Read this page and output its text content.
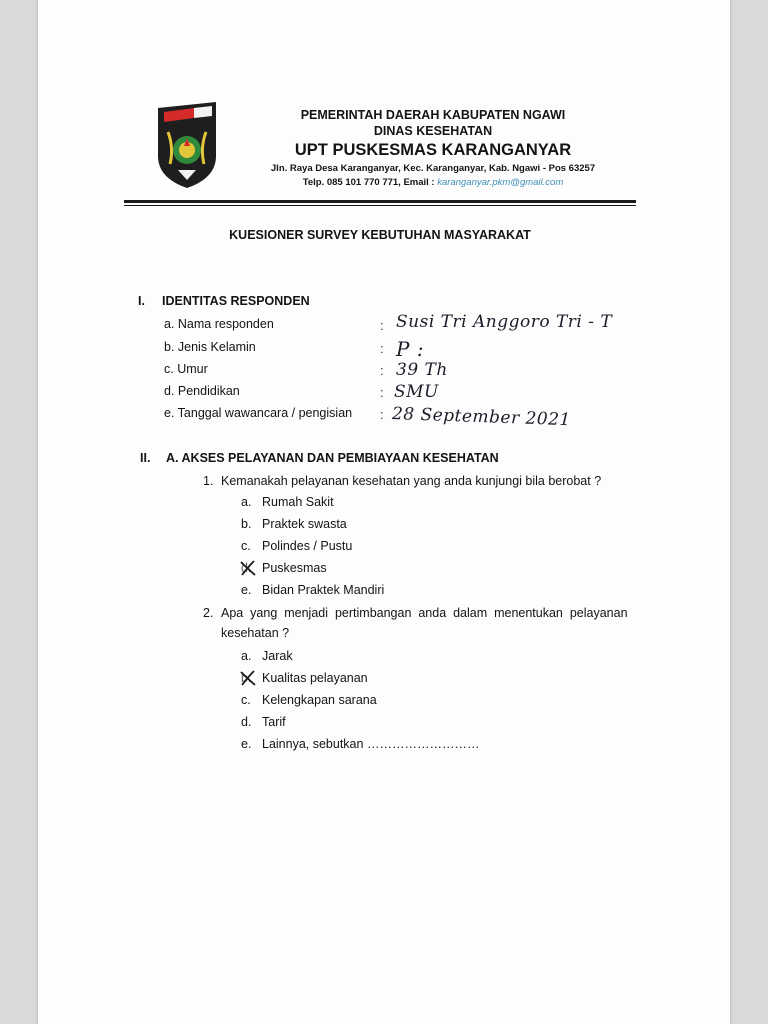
PEMERINTAH DAERAH KABUPATEN NGAWI
DINAS KESEHATAN
UPT PUSKESMAS KARANGANYAR
Jln. Raya Desa Karanganyar, Kec. Karanganyar, Kab. Ngawi - Pos 63257
Telp. 085 101 770 771, Email : karanganyar.pkm@gmail.com
KUESIONER SURVEY KEBUTUHAN MASYARAKAT
I. IDENTITAS RESPONDEN
a. Nama responden	: Susi Tri Anggoro Tri - T
b. Jenis Kelamin	: P :
c. Umur	: 39 Th
d. Pendidikan	: SMU
e. Tanggal wawancara / pengisian : 28 September 2021
II. A. AKSES PELAYANAN DAN PEMBIAYAAN KESEHATAN
1. Kemanakah pelayanan kesehatan yang anda kunjungi bila berobat ?
a. Rumah Sakit
b. Praktek swasta
c. Polindes / Pustu
d. Puskesmas
e. Bidan Praktek Mandiri
2. Apa  yang  menjadi  pertimbangan  anda  dalam  menentukan  pelayanan
kesehatan ?
a. Jarak
b. Kualitas pelayanan
c. Kelengkapan sarana
d. Tarif
e. Lainnya, sebutkan ………………………
